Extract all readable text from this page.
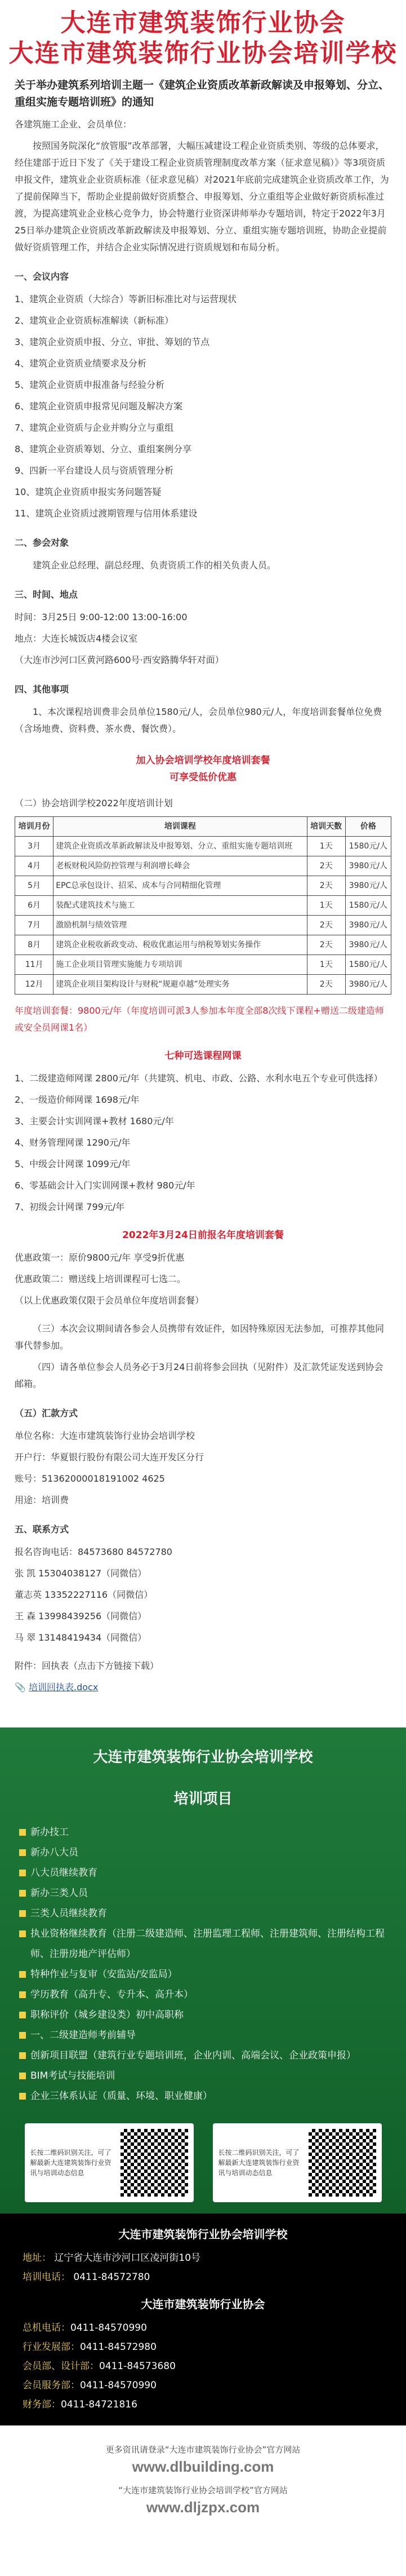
大连市建筑装饰行业协会
大连市建筑装饰行业协会培训学校
关于举办建筑系列培训主题一《建筑企业资质改革新政解读及申报筹划、分立、重组实施专题培训班》的通知

各建筑施工企业、会员单位：

按照国务院深化“放管服”改革部署，大幅压减建设工程企业资质类别、等级的总体要求，经住建部于近日下发了《关于建设工程企业资质管理制度改革方案（征求意见稿）》等3项资质申报文件，建筑业企业资质标准（征求意见稿）对2021年底前完成建筑企业资质改革工作，为了提前保障当下，帮助企业提前做好资质整合、申报筹划、分立重组等企业做好新资质标准过渡，为提高建筑业企业核心竞争力，协会特邀行业资深讲师举办专题培训，特定于2022年3月25日举办建筑企业资质改革新政解读及申报筹划、分立、重组实施专题培训班，协助企业提前做好资质管理工作，并结合企业实际情况进行资质规划和布局分析。

一、会议内容
1、建筑企业资质（大综合）等新旧标准比对与运营现状
2、建筑业企业资质标准解读（新标准）
3、建筑企业资质申报、分立、审批、筹划的节点
4、建筑企业资质业绩要求及分析
5、建筑企业资质申报准备与经验分析
6、建筑企业资质申报常见问题及解决方案
7、建筑企业资质与企业并购分立与重组
8、建筑企业资质筹划、分立、重组案例分享
9、四新一平台建设人员与资质管理分析
10、建筑企业资质申报实务问题答疑
11、建筑企业资质过渡期管理与信用体系建设
二、参会对象

建筑企业总经理、副总经理、负责资质工作的相关负责人员。

三、时间、地点

时间：3月25日 9:00-12:00 13:00-16:00

地点：大连长城饭店4楼会议室

（大连市沙河口区黄河路600号·西安路腾华轩对面）

四、其他事项

1、本次课程培训费非会员单位1580元/人，会员单位980元/人，年度培训套餐单位免费（含场地费、资料费、茶水费、餐饮费）。

加入协会培训学校年度培训套餐
可享受低价优惠

（二）协会培训学校2022年度培训计划

培训月份	培训课程	培训天数	价格
3月	建筑企业资质改革新政解读及申报筹划、分立、重组实施专题培训班	1天	1580元/人
4月	老板财税风险防控管理与利润增长峰会	2天	3980元/人
5月	EPC总承包设计、招采、成本与合同精细化管理	2天	3980元/人
6月	装配式建筑技术与施工	1天	1580元/人
7月	激励机制与绩效管理	2天	3980元/人
8月	建筑企业税收新政变动、税收优惠运用与纳税筹划实务操作	2天	3980元/人
11月	施工企业项目管理实施能力专项培训	1天	1580元/人
12月	建筑企业项目架构设计与财税“规避卓越”处理实务	2天	3980元/人

年度培训套餐：9800元/年（年度培训可派3人参加本年度全部8次线下课程+赠送二级建造师或安全员网课1名）

七种可选课程网课
1、二级建造师网课 2800元/年（共建筑、机电、市政、公路、水利水电五个专业可供选择）
2、一级造价师网课 1698元/年
3、主要会计实训网课+教材 1680元/年
4、财务管理网课 1290元/年
5、中级会计网课 1099元/年
6、零基础会计入门实训网课+教材 980元/年
7、初级会计网课 799元/年
2022年3月24日前报名年度培训套餐
优惠政策一：原价9800元/年 享受9折优惠
优惠政策二：赠送线上培训课程可七选二。

（以上优惠政策仅限于会员单位年度培训套餐）

（三）本次会议期间请各参会人员携带有效证件，如因特殊原因无法参加，可推荐其他同事代替参加。

（四）请各单位参会人员务必于3月24日前将参会回执（见附件）及汇款凭证发送到协会邮箱。

（五）汇款方式

单位名称：大连市建筑装饰行业协会培训学校

开户行：华夏银行股份有限公司大连开发区分行

账号：51362000018191002 4625

用途：培训费

五、联系方式
报名咨询电话：84573680 84572780
张 凯 15304038127（同微信）
董志英 13352227116（同微信）
王 森 13998439256（同微信）
马 翠 13148419434（同微信）

附件：回执表（点击下方链接下载）

📎 培训回执表.docx

大连市建筑装饰行业协会培训学校
培训项目
新办技工
新办八大员
八大员继续教育
新办三类人员
三类人员继续教育
执业资格继续教育（注册二级建造师、注册监理工程师、注册建筑师、注册结构工程师、注册房地产评估师）
特种作业与复审（安监站/安监局）
学历教育（高升专、专升本、高升本）
职称评价（城乡建设类）初中高职称
一、二级建造师考前辅导
创新项目联盟（建筑行业专题培训班，企业内训、高端会议、企业政策申报）
BIM考试与技能培训
企业三体系认证（质量、环境、职业健康）
长按二维码识别关注，可了解最新大连建筑装饰行业资讯与培训动态信息
长按二维码识别关注，可了解最新大连建筑装饰行业资讯与培训动态信息
大连市建筑装饰行业协会培训学校
地址： 辽宁省大连市沙河口区凌河街10号
培训电话： 0411-84572780
大连市建筑装饰行业协会
总机电话：0411-84570990
行业发展部：0411-84572980
会员部、设计部：0411-84573680
会员服务部：0411-84570990
财务部：0411-84721816
更多资讯请登录“大连市建筑装饰行业协会”官方网站
www.dlbuilding.com
“大连市建筑装饰行业协会培训学校”官方网站
www.dljzpx.com
